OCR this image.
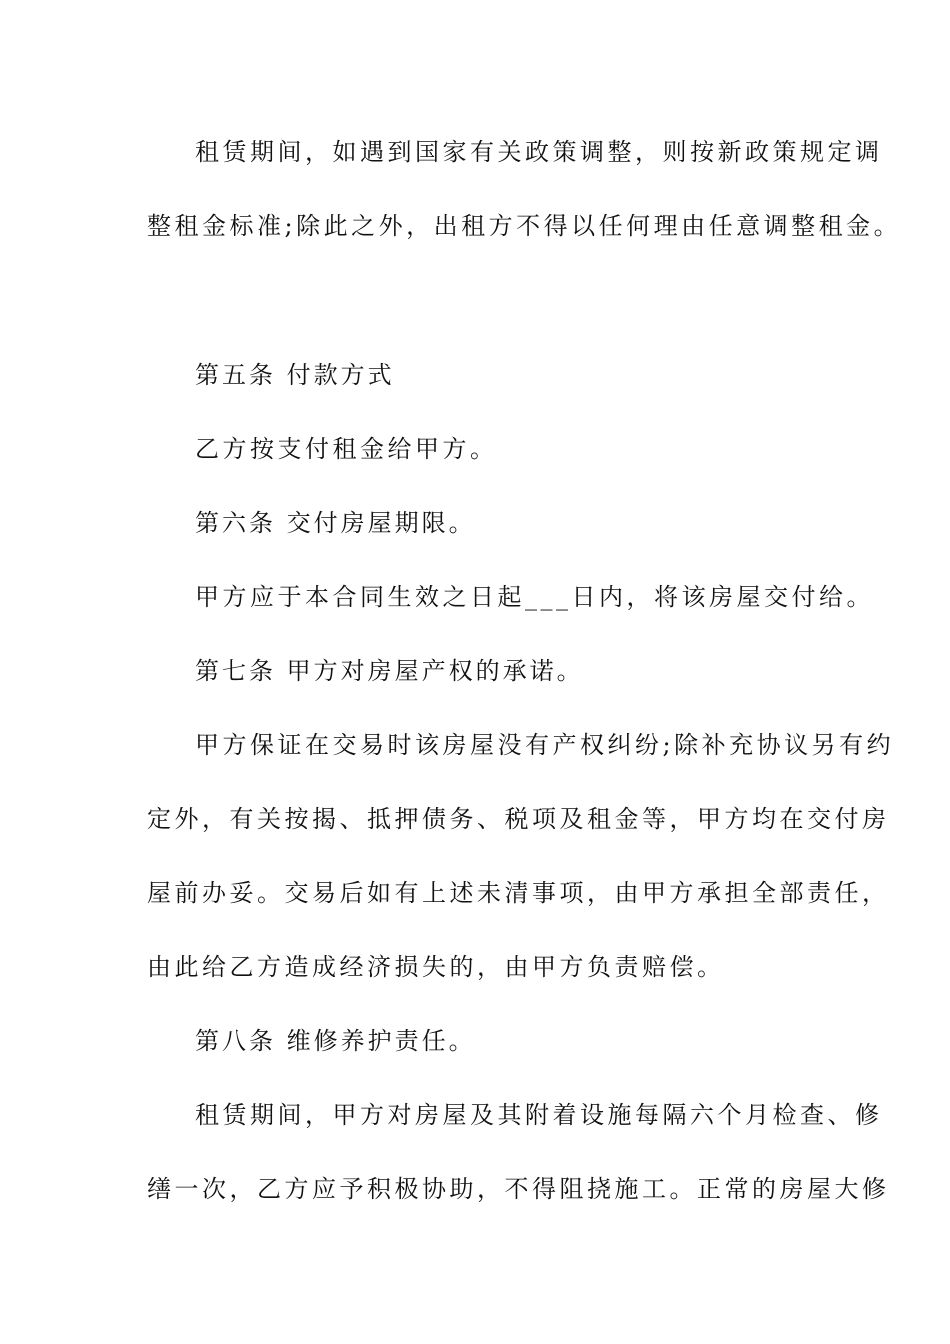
租赁期间，如遇到国家有关政策调整，则按新政策规定调
整租金标准;除此之外，出租方不得以任何理由任意调整租金。
第五条 付款方式
乙方按支付租金给甲方。
第六条 交付房屋期限。
甲方应于本合同生效之日起___日内，将该房屋交付给。
第七条 甲方对房屋产权的承诺。
甲方保证在交易时该房屋没有产权纠纷;除补充协议另有约
定外，有关按揭、抵押债务、税项及租金等，甲方均在交付房
屋前办妥。交易后如有上述未清事项，由甲方承担全部责任，
由此给乙方造成经济损失的，由甲方负责赔偿。
第八条 维修养护责任。
租赁期间，甲方对房屋及其附着设施每隔六个月检查、修
缮一次，乙方应予积极协助，不得阻挠施工。正常的房屋大修
